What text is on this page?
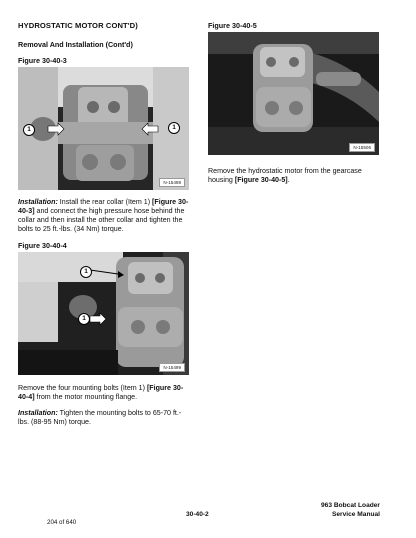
HYDROSTATIC MOTOR CONT'D)
Removal And Installation (Cont'd)
Figure 30-40-3
1	1
N-15498
Installation: Install the rear collar (Item 1) [Figure 30-40-3] and connect the high pressure hose behind the collar and then install the other collar and tighten the bolts to 25 ft.-lbs. (34 Nm) torque.
Figure 30-40-4
1
1
N-15499
Remove the four mounting bolts (Item 1) [Figure 30-40-4] from the motor mounting flange.
Installation: Tighten the mounting bolts to 65-70 ft.-lbs. (88-95 Nm) torque.
Figure 30-40-5
N-15506
Remove the hydrostatic motor from the gearcase housing [Figure 30-40-5].
204 of 640
30-40-2
963 Bobcat Loader
Service Manual
